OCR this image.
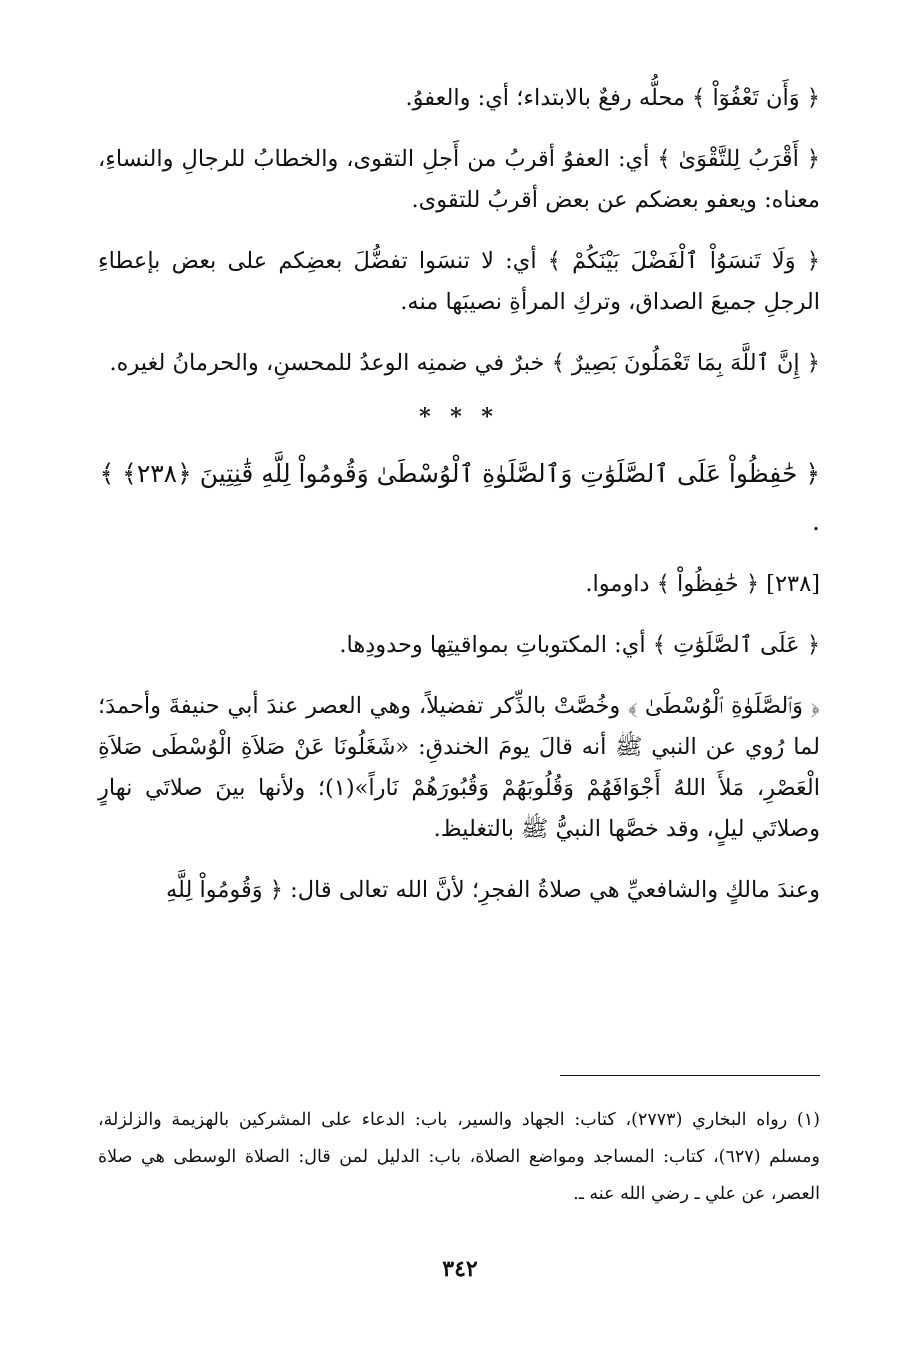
﴿ وَأَن تَعْفُوٓاْ ﴾ محلُّه رفعٌ بالابتداء؛ أي: والعفوُ.

﴿ أَقْرَبُ لِلتَّقْوَىٰ ﴾ أي: العفوُ أقربُ من أَجلِ التقوى، والخطابُ للرجالِ والنساءِ، معناه: ويعفو بعضكم عن بعض أقربُ للتقوى.

﴿ وَلَا تَنسَوُاْ ٱلْفَضْلَ بَيْنَكُمْ ﴾ أي: لا تنسَوا تفضُّلَ بعضِكم على بعض بإعطاءِ الرجلِ جميعَ الصداق، وتركِ المرأةِ نصيبَها منه.

﴿ إِنَّ ٱللَّهَ بِمَا تَعْمَلُونَ بَصِيرٌ ﴾ خبرٌ في ضمنِه الوعدُ للمحسنِ، والحرمانُ لغيره.

* * *

﴿ حَٰفِظُواْ عَلَى ٱلصَّلَوَٰتِ وَٱلصَّلَوٰةِ ٱلْوُسْطَىٰ وَقُومُواْ لِلَّهِ قَٰنِتِينَ ﴿٢٣٨﴾ ﴾ .

[٢٣٨] ﴿ حَٰفِظُواْ ﴾ داوموا.

﴿ عَلَى ٱلصَّلَوَٰتِ ﴾ أي: المكتوباتِ بمواقيتِها وحدودِها.

﴿ وَٱلصَّلَوٰةِ ٱلْوُسْطَىٰ ﴾ وخُصَّتْ بالذِّكر تفضيلاً، وهي العصر عندَ أبي حنيفةَ وأحمدَ؛ لما رُوي عن النبي ﷺ أنه قالَ يومَ الخندقِ: «شَغَلُونَا عَنْ صَلاَةِ الْوُسْطَى صَلاَةِ الْعَصْرِ، مَلأَ اللهُ أَجْوَافَهُمْ وَقُلُوبَهُمْ وَقُبُورَهُمْ نَاراً»(١)؛ ولأنها بينَ صلاتَي نهارٍ وصلاتَي ليلٍ، وقد خصَّها النبيُّ ﷺ بالتغليظ.

وعندَ مالكٍ والشافعيِّ هي صلاةُ الفجرِ؛ لأنَّ الله تعالى قال: ﴿ وَقُومُواْ لِلَّهِ

(١) رواه البخاري (٢٧٧٣)، كتاب: الجهاد والسير، باب: الدعاء على المشركين بالهزيمة والزلزلة، ومسلم (٦٢٧)، كتاب: المساجد ومواضع الصلاة، باب: الدليل لمن قال: الصلاة الوسطى هي صلاة العصر، عن علي ـ رضي الله عنه ـ.

٣٤٢
